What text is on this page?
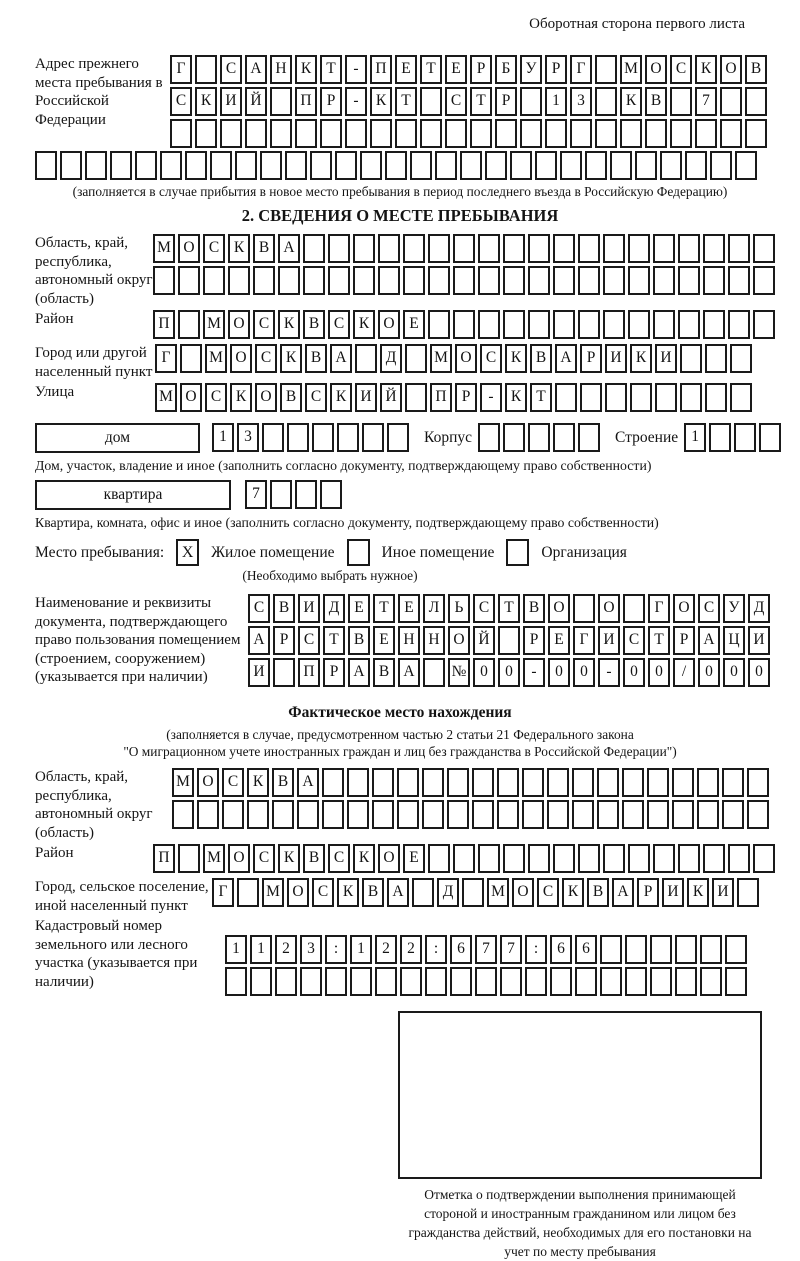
Оборотная сторона первого листа
Адрес прежнего места пребывания в Российской Федерации
Г	С А Н К Т - П Е Т Е Р Б У Р Г М О С К О В
С К И Й	П Р - К Т	С Т Р	1 3	К В	7
(заполняется в случае прибытия в новое место пребывания в период последнего въезда в Российскую Федерацию)
2. СВЕДЕНИЯ О МЕСТЕ ПРЕБЫВАНИЯ
Область, край, республика, автономный округ (область)
М О С К В А
Район	П М О С К В С К О Е
Город или другой населенный пункт
Г М О С К В А	Д М О С К В А Р И К И
Улица	М О С К О В С К И Й	П Р - К Т
дом	1 3	Корпус	Строение 1
Дом, участок, владение и иное (заполнить согласно документу, подтверждающему право собственности)
квартира	7
Квартира, комната, офис и иное (заполнить согласно документу, подтверждающему право собственности)
Место пребывания:	X	Жилое помещение	Иное помещение	Организация
(Необходимо выбрать нужное)
Наименование и реквизиты документа, подтверждающего право пользования помещением (строением, сооружением) (указывается при наличии)
С В И Д Е Т Е Л Ь С Т В О	О	Г О С У Д
А Р С Т В Е Н Н О Й	Р Е Г И С Т Р А Ц И
И	П Р А В А № 0 0 - 0 0 - 0 0 / 0 0 0
Фактическое место нахождения
(заполняется в случае, предусмотренном частью 2 статьи 21 Федерального закона
"О миграционном учете иностранных граждан и лиц без гражданства в Российской Федерации")
Область, край, республика, автономный округ (область)
М О С К В А
Район	П М О С К В С К О Е
Город, сельское поселение, иной населенный пункт
Г М О С К В А	Д М О С К В А Р И К И
Кадастровый номер земельного или лесного участка (указывается при наличии)
1 1 2 3 : 1 2 2 : 6 7 7 : 6 6
Отметка о подтверждении выполнения принимающей стороной и иностранным гражданином или лицом без гражданства действий, необходимых для его постановки на учет по месту пребывания
